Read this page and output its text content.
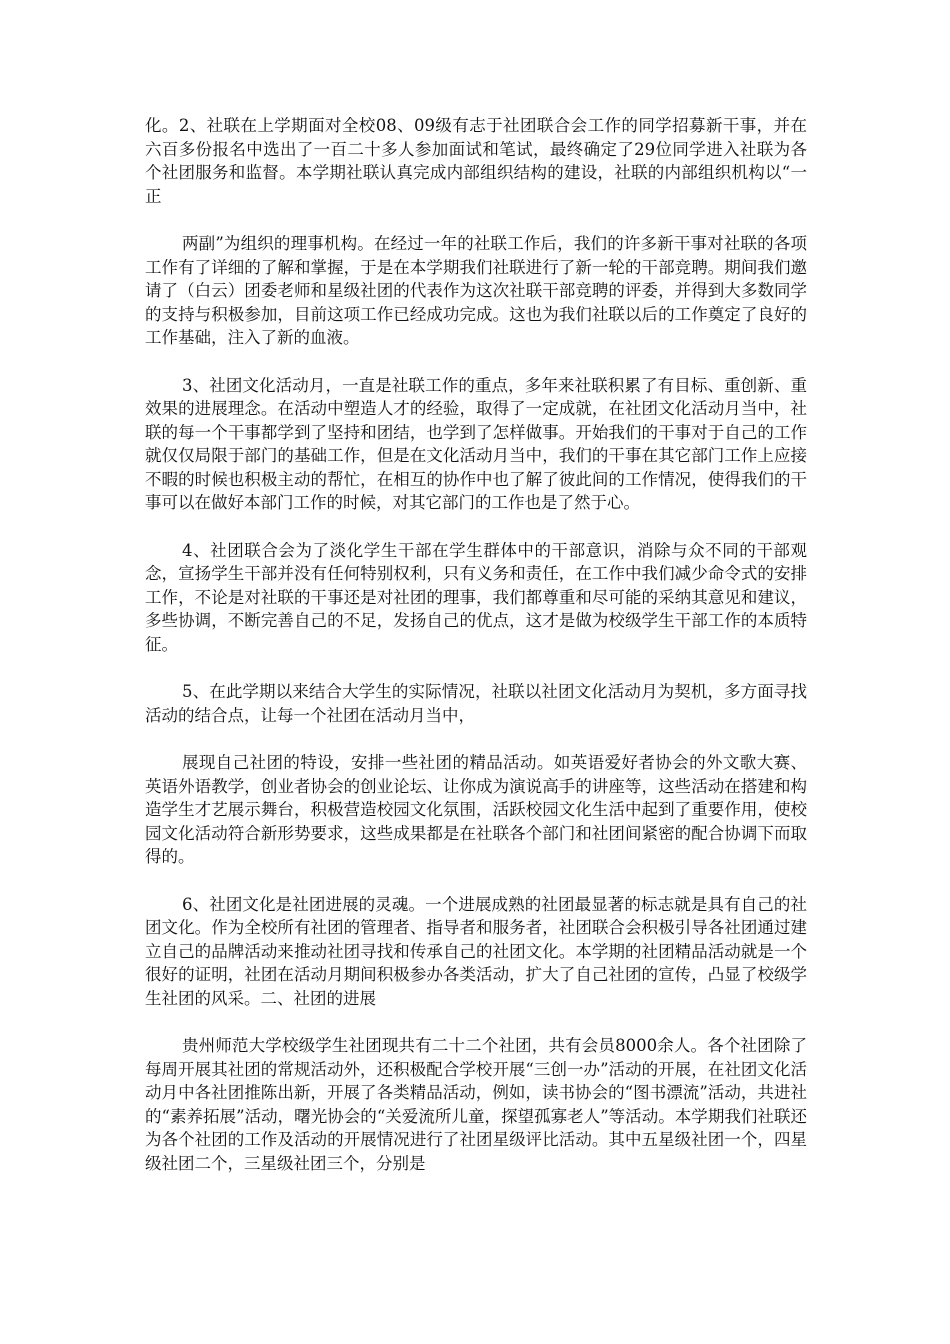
化。2、社联在上学期面对全校08、09级有志于社团联合会工作的同学招募新干事，并在六百多份报名中选出了一百二十多人参加面试和笔试，最终确定了29位同学进入社联为各个社团服务和监督。本学期社联认真完成内部组织结构的建设，社联的内部组织机构以“一正

两副”为组织的理事机构。在经过一年的社联工作后，我们的许多新干事对社联的各项工作有了详细的了解和掌握，于是在本学期我们社联进行了新一轮的干部竞聘。期间我们邀请了（白云）团委老师和星级社团的代表作为这次社联干部竞聘的评委，并得到大多数同学的支持与积极参加，目前这项工作已经成功完成。这也为我们社联以后的工作奠定了良好的工作基础，注入了新的血液。

3、社团文化活动月，一直是社联工作的重点，多年来社联积累了有目标、重创新、重效果的进展理念。在活动中塑造人才的经验，取得了一定成就，在社团文化活动月当中，社联的每一个干事都学到了坚持和团结，也学到了怎样做事。开始我们的干事对于自己的工作就仅仅局限于部门的基础工作，但是在文化活动月当中，我们的干事在其它部门工作上应接不暇的时候也积极主动的帮忙，在相互的协作中也了解了彼此间的工作情况，使得我们的干事可以在做好本部门工作的时候，对其它部门的工作也是了然于心。

4、社团联合会为了淡化学生干部在学生群体中的干部意识，消除与众不同的干部观念，宣扬学生干部并没有任何特别权利，只有义务和责任，在工作中我们减少命令式的安排工作，不论是对社联的干事还是对社团的理事，我们都尊重和尽可能的采纳其意见和建议，多些协调，不断完善自己的不足，发扬自己的优点，这才是做为校级学生干部工作的本质特征。

5、在此学期以来结合大学生的实际情况，社联以社团文化活动月为契机，多方面寻找活动的结合点，让每一个社团在活动月当中，

展现自己社团的特设，安排一些社团的精品活动。如英语爱好者协会的外文歌大赛、英语外语教学，创业者协会的创业论坛、让你成为演说高手的讲座等，这些活动在搭建和构造学生才艺展示舞台，积极营造校园文化氛围，活跃校园文化生活中起到了重要作用，使校园文化活动符合新形势要求，这些成果都是在社联各个部门和社团间紧密的配合协调下而取得的。

6、社团文化是社团进展的灵魂。一个进展成熟的社团最显著的标志就是具有自己的社团文化。作为全校所有社团的管理者、指导者和服务者，社团联合会积极引导各社团通过建立自己的品牌活动来推动社团寻找和传承自己的社团文化。本学期的社团精品活动就是一个很好的证明，社团在活动月期间积极参办各类活动，扩大了自己社团的宣传，凸显了校级学生社团的风采。二、社团的进展

贵州师范大学校级学生社团现共有二十二个社团，共有会员8000余人。各个社团除了每周开展其社团的常规活动外，还积极配合学校开展“三创一办”活动的开展，在社团文化活动月中各社团推陈出新，开展了各类精品活动，例如，读书协会的“图书漂流”活动，共进社的“素养拓展”活动，曙光协会的“关爱流所儿童，探望孤寡老人”等活动。本学期我们社联还为各个社团的工作及活动的开展情况进行了社团星级评比活动。其中五星级社团一个，四星级社团二个，三星级社团三个，分别是
